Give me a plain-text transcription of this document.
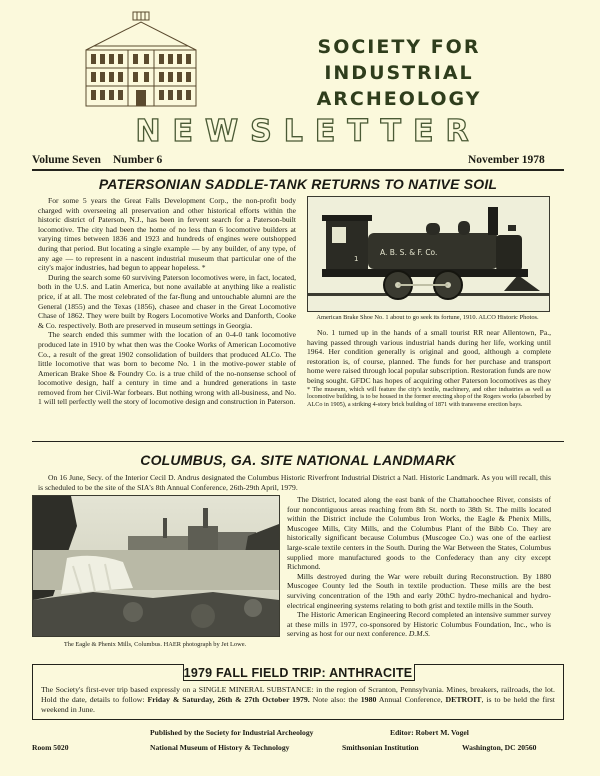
SOCIETY FOR
INDUSTRIAL
ARCHEOLOGY
NEWSLETTER
Volume Seven Number 6	November 1978
PATERSONIAN SADDLE-TANK RETURNS TO NATIVE SOIL

For some 5 years the Great Falls Development Corp., the non-profit body charged with overseeing all preservation and other historical efforts within the historic district of Paterson, N.J., has been in fervent search for a Paterson-built locomotive. The city had been the home of no less than 6 locomotive builders at varying times between 1836 and 1923 and hundreds of engines were outshopped during that period. But locating a single example — by any builder, of any type, of any age — to represent in a nascent industrial museum that particular one of the city's major industries, had begun to appear hopeless. *

During the search some 60 surviving Paterson locomotives were, in fact, located, both in the U.S. and Latin America, but none available at anything like a realistic price, if at all. The most celebrated of the far-flung and untouchable alumni are the General (1855) and the Texas (1856), chasee and chaser in the Great Locomotive Chase of 1862. They were built by Rogers Locomotive Works and Danforth, Cooke & Co. respectively. Both are preserved in museum settings in Georgia.

The search ended this summer with the location of an 0-4-0 tank locomotive produced late in 1910 by what then was the Cooke Works of American Locomotive Co., a result of the great 1902 consolidation of builders that produced ALCo. The little locomotive that was born to become No. 1 in the motive-power stable of American Brake Shoe & Foundry Co. is a true child of the no-nonsense school of locomotive design, half a century in time and a hundred generations in taste removed from her Civil-War forbears. But nothing wrong with all-business, and No. 1 will tell perfectly well the story of locomotive design and construction in Paterson.

1
A. B. S. & F. Co.
American Brake Shoe No. 1 about to go seek its fortune, 1910. ALCO Historic Photos.

No. 1 turned up in the hands of a small tourist RR near Allentown, Pa., having passed through various industrial hands during her life, working until 1964. Her condition generally is original and good, although a complete restoration is, of course, planned. The funds for her purchase and transport home were raised through local popular subscription. Restoration funds are now being sought. GFDC has hopes of acquiring other Paterson locomotives as they

* The museum, which will feature the city's textile, machinery, and other industries as well as locomotive building, is to be housed in the former erecting shop of the Rogers works (absorbed by ALCo in 1905), a striking 4-story brick building of 1871 with transverse erection bays.
COLUMBUS, GA. SITE NATIONAL LANDMARK

On 16 June, Secy. of the Interior Cecil D. Andrus designated the Columbus Historic Riverfront Industrial District a Natl. Historic Landmark. As you will recall, this is scheduled to be the site of the SIA's 8th Annual Conference, 26th-29th April, 1979.

The Eagle & Phenix Mills, Columbus. HAER photograph by Jet Lowe.

The District, located along the east bank of the Chattahoochee River, consists of four noncontiguous areas reaching from 8th St. north to 38th St. The mills located within the District include the Columbus Iron Works, the Eagle & Phenix Mills, Muscogee Mills, City Mills, and the Columbus Plant of the Bibb Co. They are historically significant because Columbus (Muscogee Co.) was one of the earliest large-scale textile centers in the South. During the War Between the States, Columbus supplied more manufactured goods to the Confederacy than any city except Richmond.

Mills destroyed during the War were rebuilt during Reconstruction. By 1880 Muscogee County led the South in textile production. These mills are the best surviving concentration of the 19th and early 20thC hydro-mechanical and hydro-electrical engineering systems relating to both grist and textile mills in the South.

The Historic American Engineering Record completed an intensive summer survey at these mills in 1977, co-sponsored by Historic Columbus Foundation, Inc., who is serving as host for our next conference. D.M.S.

1979 FALL FIELD TRIP: ANTHRACITE

The Society's first-ever trip based expressly on a SINGLE MINERAL SUBSTANCE: in the region of Scranton, Pennsylvania. Mines, breakers, railroads, the lot. Hold the date, details to follow: Friday & Saturday, 26th & 27th October 1979. Note also: the 1980 Annual Conference, DETROIT, is to be held the first weekend in June.

Published by the Society for Industrial Archeology	Editor: Robert M. Vogel
Room 5020	National Museum of History & Technology	Smithsonian Institution	Washington, DC 20560
